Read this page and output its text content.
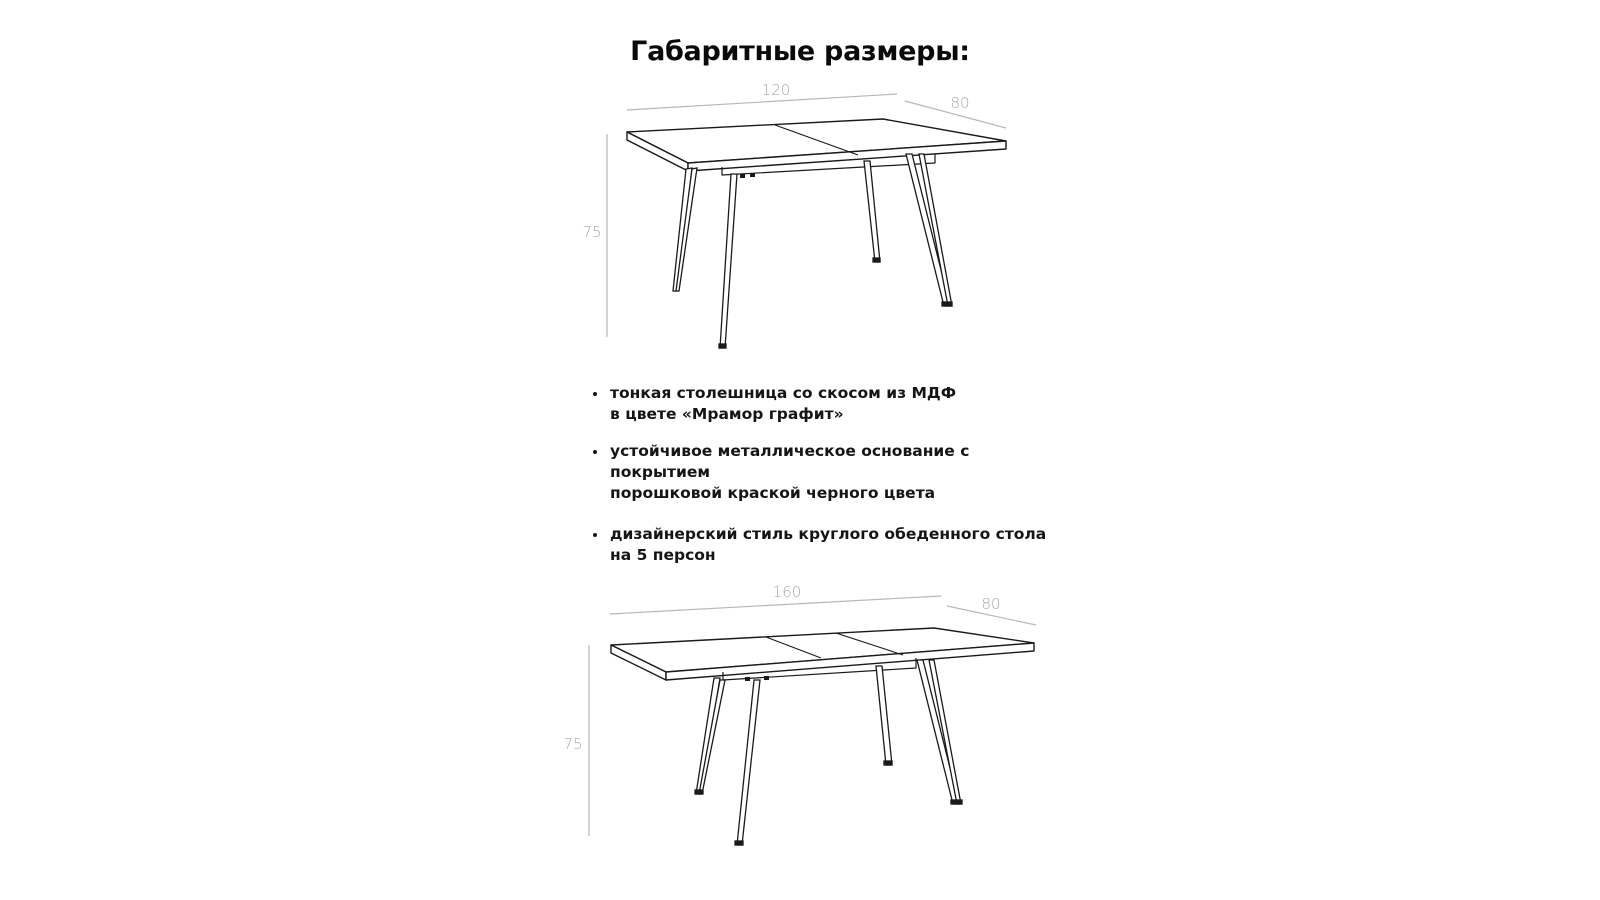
Габаритные размеры:
120
80
75
160
80
75
тонкая столешница со скосом из МДФ
в цвете «Мрамор графит»
устойчивое металлическое основание с покрытием
порошковой краской черного цвета
дизайнерский стиль круглого обеденного стола
на 5 персон
